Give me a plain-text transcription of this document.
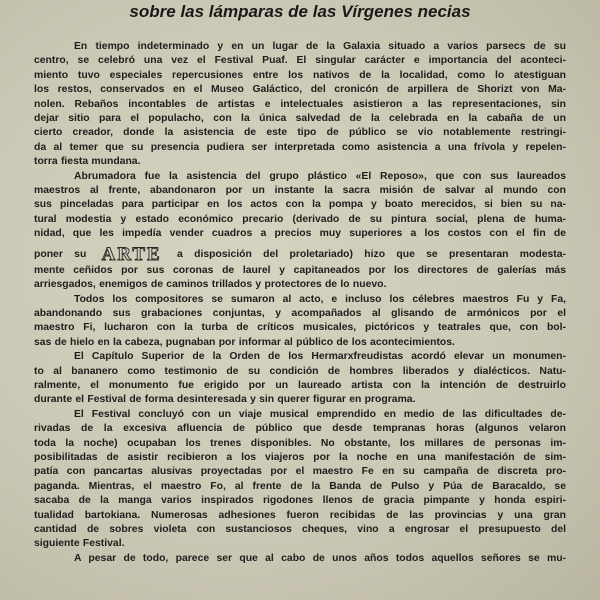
sobre las lámparas de las Vírgenes necias

En tiempo indeterminado y en un lugar de la Galaxia situado a varios parsecs de su
centro, se celebró una vez el Festival Puaf. El singular carácter e importancia del aconteci-
miento tuvo especiales repercusiones entre los nativos de la localidad, como lo atestiguan
los restos, conservados en el Museo Galáctico, del cronicón de arpillera de Shorizt von Ma-
nolen. Rebaños incontables de artistas e intelectuales asistieron a las representaciones, sin
dejar sitio para el populacho, con la única salvedad de la celebrada en la cabaña de un
cierto creador, donde la asistencia de este tipo de público se vio notablemente restringi-
da al temer que su presencia pudiera ser interpretada como asistencia a una frívola y repelen-
torra fiesta mundana.

Abrumadora fue la asistencia del grupo plástico «El Reposo», que con sus laureados
maestros al frente, abandonaron por un instante la sacra misión de salvar al mundo con
sus pinceladas para participar en los actos con la pompa y boato merecidos, si bien su na-
tural modestia y estado económico precario (derivado de su pintura social, plena de huma-
nidad, que les impedía vender cuadros a precios muy superiores a los costos con el fin de
poner su ARTE a disposición del proletariado) hizo que se presentaran modesta-
mente ceñidos por sus coronas de laurel y capitaneados por los directores de galerías más
arriesgados, enemigos de caminos trillados y protectores de lo nuevo.

Todos los compositores se sumaron al acto, e incluso los célebres maestros Fu y Fa,
abandonando sus grabaciones conjuntas, y acompañados al glisando de armónicos por el
maestro Fi, lucharon con la turba de críticos musicales, pictóricos y teatrales que, con bol-
sas de hielo en la cabeza, pugnaban por informar al público de los acontecimientos.

El Capítulo Superior de la Orden de los Hermarxfreudistas acordó elevar un monumen-
to al bananero como testimonio de su condición de hombres liberados y dialécticos. Natu-
ralmente, el monumento fue erigido por un laureado artista con la intención de destruirlo
durante el Festival de forma desinteresada y sin querer figurar en programa.

El Festival concluyó con un viaje musical emprendido en medio de las dificultades de-
rivadas de la excesiva afluencia de público que desde tempranas horas (algunos velaron
toda la noche) ocupaban los trenes disponibles. No obstante, los millares de personas im-
posibilitadas de asistir recibieron a los viajeros por la noche en una manifestación de sim-
patía con pancartas alusivas proyectadas por el maestro Fe en su campaña de discreta pro-
paganda. Mientras, el maestro Fo, al frente de la Banda de Pulso y Púa de Baracaldo, se
sacaba de la manga varios inspirados rigodones llenos de gracia pimpante y honda espiri-
tualidad bartokiana. Numerosas adhesiones fueron recibidas de las provincias y una gran
cantidad de sobres violeta con sustanciosos cheques, vino a engrosar el presupuesto del
siguiente Festival.

A pesar de todo, parece ser que al cabo de unos años todos aquellos señores se mu-
